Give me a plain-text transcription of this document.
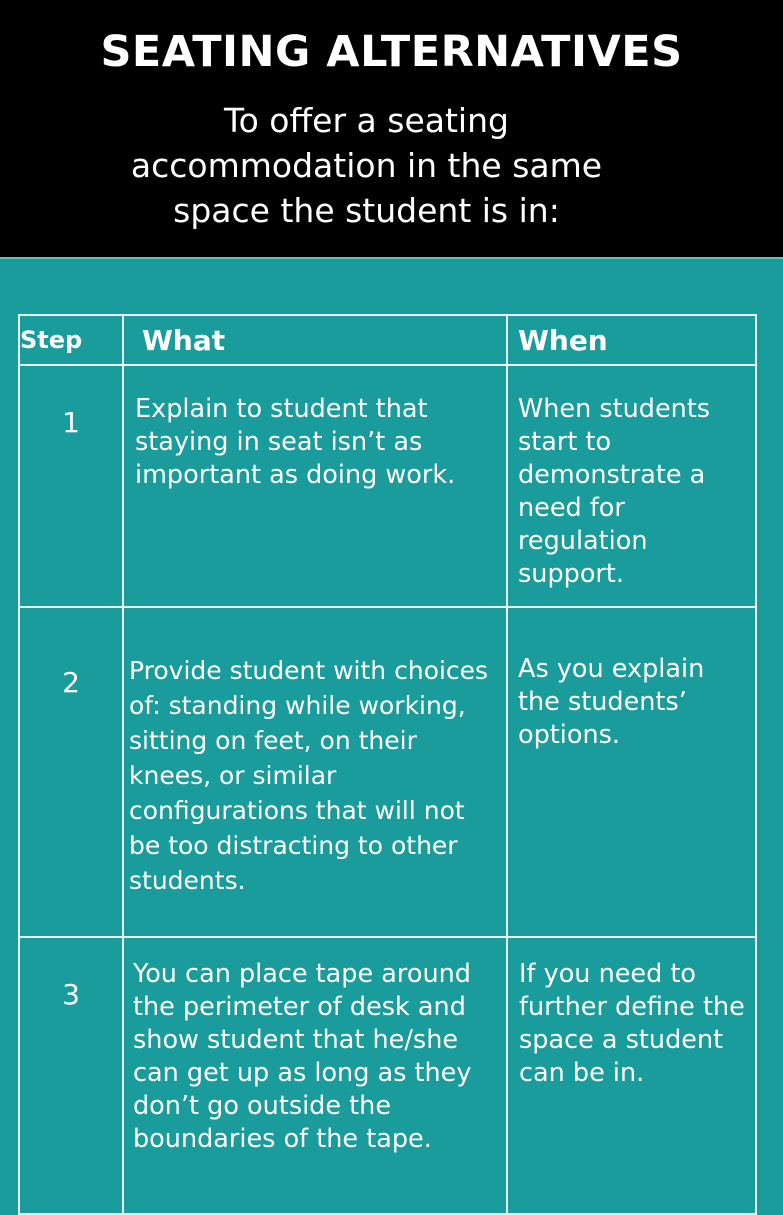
SEATING ALTERNATIVES
To offer a seating accommodation in the same space the student is in:
Step	What	When
1	Explain to student that staying in seat isn’t as important as doing work.	When students start to demonstrate a need for regulation support.
2	Provide student with choices of: standing while working, sitting on feet, on their knees, or similar configurations that will not be too distracting to other students.	As you explain the students’ options.
3	You can place tape around the perimeter of desk and show student that he/she can get up as long as they don’t go outside the boundaries of the tape.	If you need to further define the space a student can be in.
